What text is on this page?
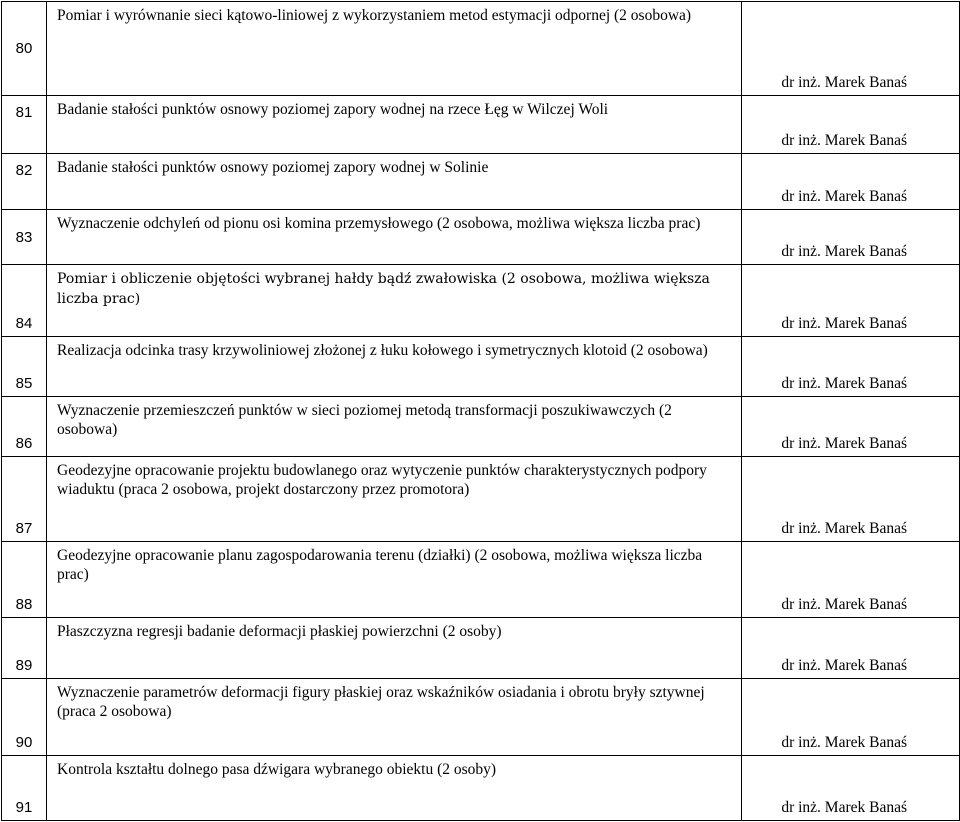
80	Pomiar i wyrównanie sieci kątowo-liniowej z wykorzystaniem metod estymacji odpornej (2 osobowa)	dr inż. Marek Banaś
81	Badanie stałości punktów osnowy poziomej zapory wodnej na rzece Łęg w Wilczej Woli	dr inż. Marek Banaś
82	Badanie stałości punktów osnowy poziomej zapory wodnej w Solinie	dr inż. Marek Banaś
83	Wyznaczenie odchyleń od pionu osi komina przemysłowego (2 osobowa, możliwa większa liczba prac)	dr inż. Marek Banaś
84	Pomiar i obliczenie objętości wybranej hałdy bądź zwałowiska (2 osobowa, możliwa większa liczba prac)	dr inż. Marek Banaś
85	Realizacja odcinka trasy krzywoliniowej złożonej z łuku kołowego i symetrycznych klotoid (2 osobowa)	dr inż. Marek Banaś
86	Wyznaczenie przemieszczeń punktów w sieci poziomej metodą transformacji poszukiwawczych (2 osobowa)	dr inż. Marek Banaś
87	Geodezyjne opracowanie projektu budowlanego oraz wytyczenie punktów charakterystycznych podpory wiaduktu (praca 2 osobowa, projekt dostarczony przez promotora)	dr inż. Marek Banaś
88	Geodezyjne opracowanie planu zagospodarowania terenu (działki) (2 osobowa, możliwa większa liczba prac)	dr inż. Marek Banaś
89	Płaszczyzna regresji badanie deformacji płaskiej powierzchni (2 osoby)	dr inż. Marek Banaś
90	Wyznaczenie parametrów deformacji figury płaskiej oraz wskaźników osiadania i obrotu bryły sztywnej (praca 2 osobowa)	dr inż. Marek Banaś
91	Kontrola kształtu dolnego pasa dźwigara wybranego obiektu (2 osoby)	dr inż. Marek Banaś
